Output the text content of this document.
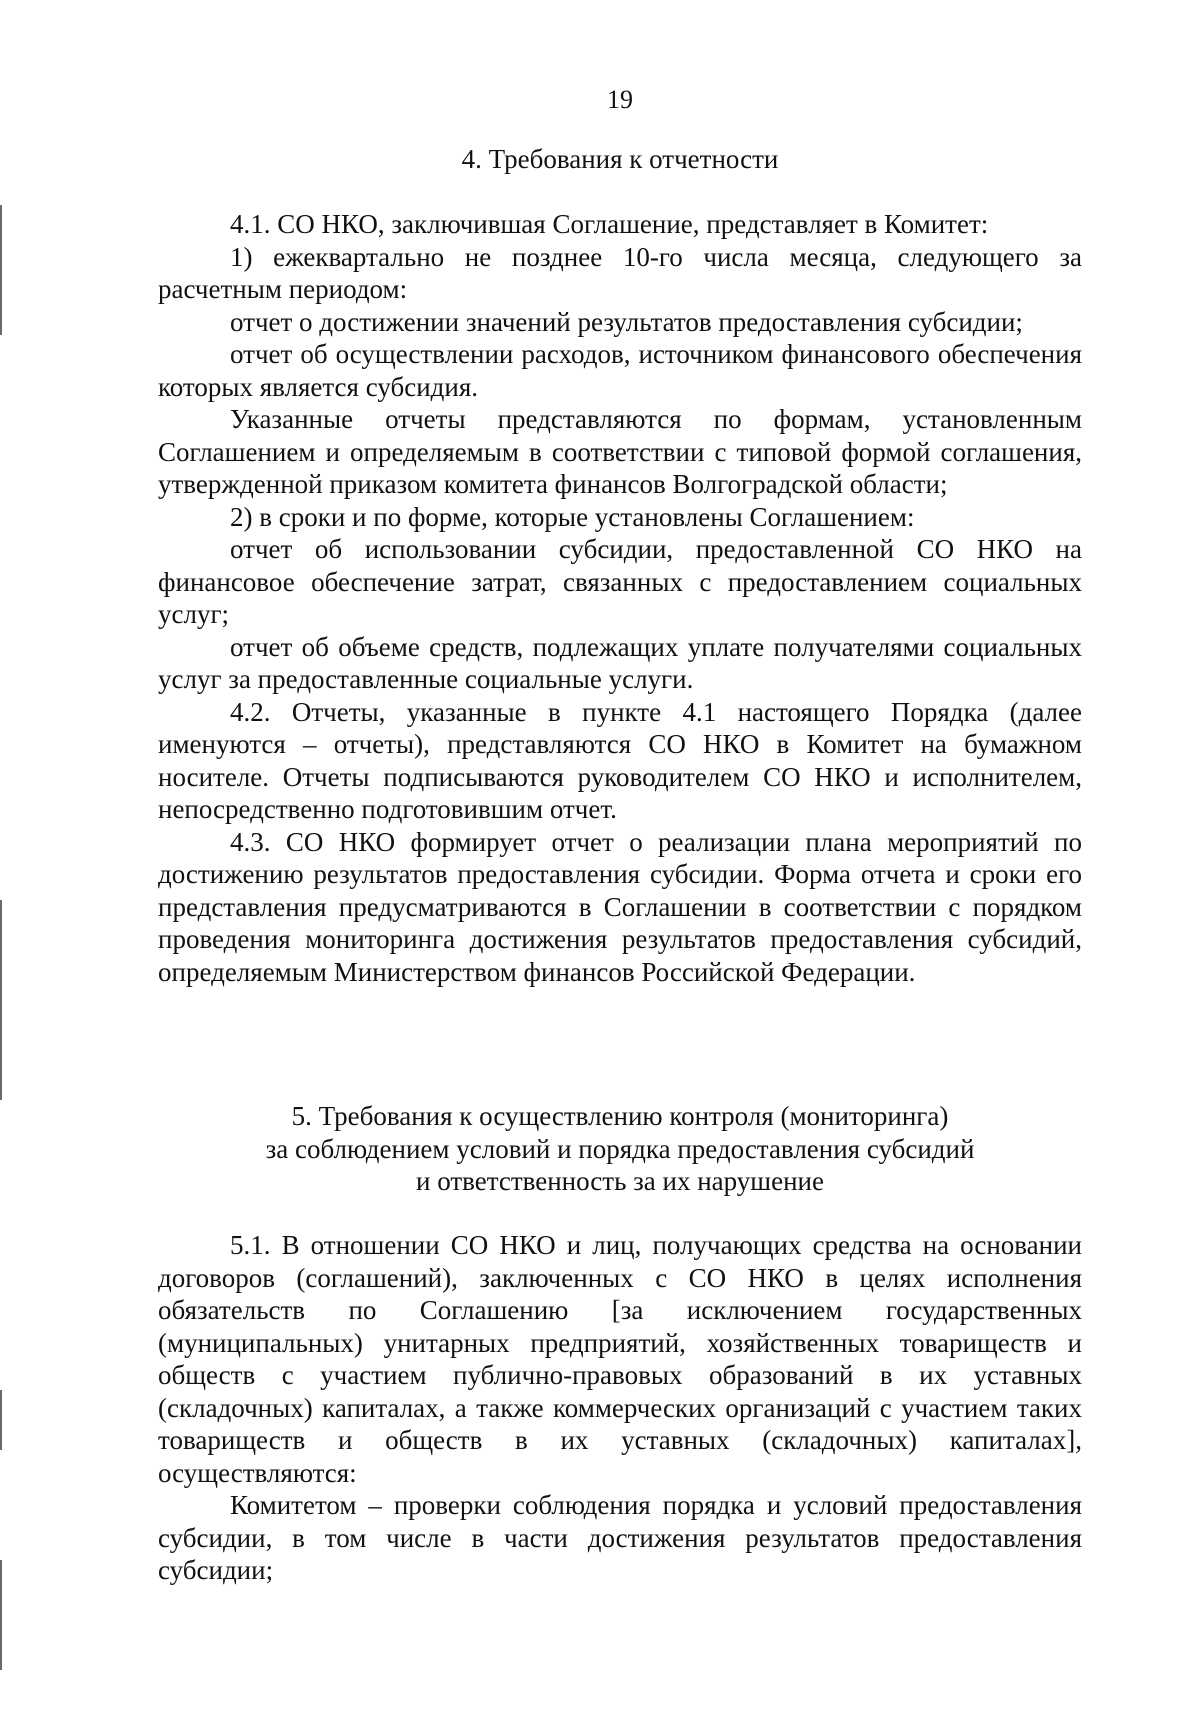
19
4. Требования к отчетности

4.1. СО НКО, заключившая Соглашение, представляет в Комитет:

1) ежеквартально не позднее 10-го числа месяца, следующего за расчетным периодом:

отчет о достижении значений результатов предоставления субсидии;

отчет об осуществлении расходов, источником финансового обеспечения которых является субсидия.

Указанные отчеты представляются по формам, установленным Соглашением и определяемым в соответствии с типовой формой соглашения, утвержденной приказом комитета финансов Волгоградской области;

2) в сроки и по форме, которые установлены Соглашением:

отчет об использовании субсидии, предоставленной СО НКО на финансовое обеспечение затрат, связанных с предоставлением социальных услуг;

отчет об объеме средств, подлежащих уплате получателями социальных услуг за предоставленные социальные услуги.

4.2. Отчеты, указанные в пункте 4.1 настоящего Порядка (далее именуются – отчеты), представляются СО НКО в Комитет на бумажном носителе. Отчеты подписываются руководителем СО НКО и исполнителем, непосредственно подготовившим отчет.

4.3. СО НКО формирует отчет о реализации плана мероприятий по достижению результатов предоставления субсидии. Форма отчета и сроки его представления предусматриваются в Соглашении в соответствии с порядком проведения мониторинга достижения результатов предоставления субсидий, определяемым Министерством финансов Российской Федерации.

5. Требования к осуществлению контроля (мониторинга)
за соблюдением условий и порядка предоставления субсидий
и ответственность за их нарушение

5.1. В отношении СО НКО и лиц, получающих средства на основании договоров (соглашений), заключенных с СО НКО в целях исполнения обязательств по Соглашению [за исключением государственных (муниципальных) унитарных предприятий, хозяйственных товариществ и обществ с участием публично-правовых образований в их уставных (складочных) капиталах, а также коммерческих организаций с участием таких товариществ и обществ в их уставных (складочных) капиталах], осуществляются:

Комитетом – проверки соблюдения порядка и условий предоставления субсидии, в том числе в части достижения результатов предоставления субсидии;
